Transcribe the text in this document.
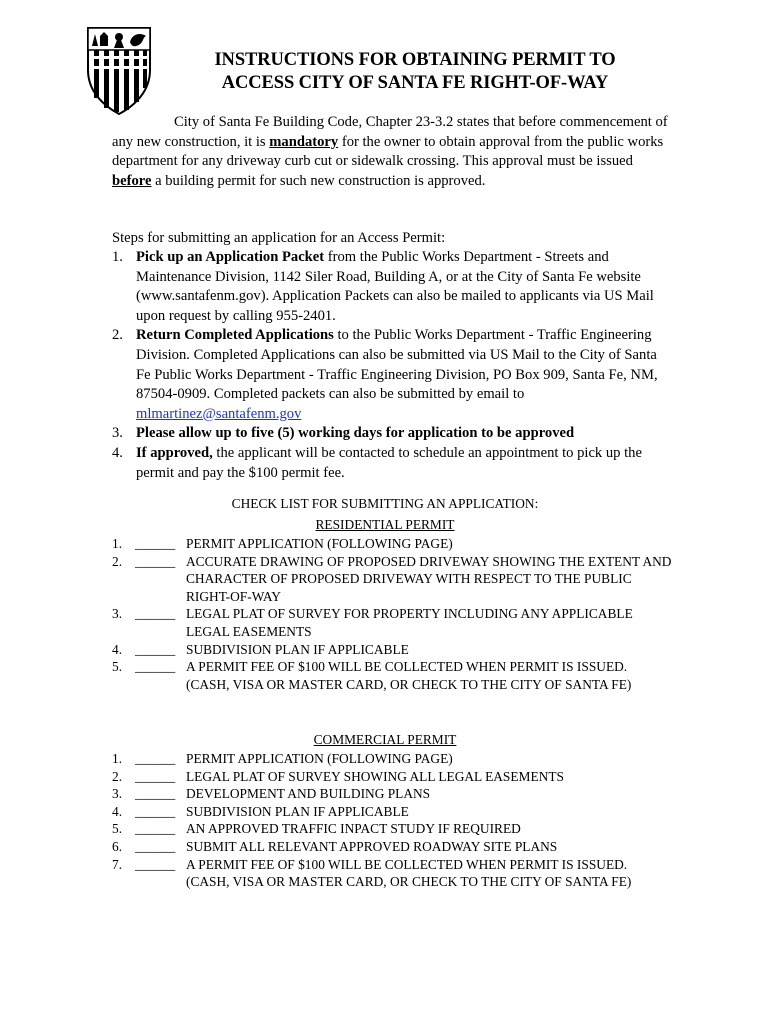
INSTRUCTIONS FOR OBTAINING PERMIT TO
ACCESS CITY OF SANTA FE RIGHT-OF-WAY

City of Santa Fe Building Code, Chapter 23-3.2 states that before commencement of any new construction, it is mandatory for the owner to obtain approval from the public works department for any driveway curb cut or sidewalk crossing. This approval must be issued before a building permit for such new construction is approved.

Steps for submitting an application for an Access Permit:

1. Pick up an Application Packet from the Public Works Department - Streets and Maintenance Division, 1142 Siler Road, Building A, or at the City of Santa Fe website (www.santafenm.gov). Application Packets can also be mailed to applicants via US Mail upon request by calling 955-2401.
2. Return Completed Applications to the Public Works Department - Traffic Engineering Division. Completed Applications can also be submitted via US Mail to the City of Santa Fe Public Works Department - Traffic Engineering Division, PO Box 909, Santa Fe, NM, 87504-0909. Completed packets can also be submitted by email to mlmartinez@santafenm.gov
3. Please allow up to five (5) working days for application to be approved
4. If approved, the applicant will be contacted to schedule an appointment to pick up the permit and pay the $100 permit fee.
CHECK LIST FOR SUBMITTING AN APPLICATION:
RESIDENTIAL PERMIT
1. ______ PERMIT APPLICATION (FOLLOWING PAGE)
2. ______ ACCURATE DRAWING OF PROPOSED DRIVEWAY SHOWING THE EXTENT AND CHARACTER OF PROPOSED DRIVEWAY WITH RESPECT TO THE PUBLIC RIGHT-OF-WAY
3. ______ LEGAL PLAT OF SURVEY FOR PROPERTY INCLUDING ANY APPLICABLE LEGAL EASEMENTS
4. ______ SUBDIVISION PLAN IF APPLICABLE
5. ______ A PERMIT FEE OF $100 WILL BE COLLECTED WHEN PERMIT IS ISSUED. (CASH, VISA OR MASTER CARD, OR CHECK TO THE CITY OF SANTA FE)
COMMERCIAL PERMIT
1. ______ PERMIT APPLICATION (FOLLOWING PAGE)
2. ______ LEGAL PLAT OF SURVEY SHOWING ALL LEGAL EASEMENTS
3. ______ DEVELOPMENT AND BUILDING PLANS
4. ______ SUBDIVISION PLAN IF APPLICABLE
5. ______ AN APPROVED TRAFFIC INPACT STUDY IF REQUIRED
6. ______ SUBMIT ALL RELEVANT APPROVED ROADWAY SITE PLANS
7. ______ A PERMIT FEE OF $100 WILL BE COLLECTED WHEN PERMIT IS ISSUED. (CASH, VISA OR MASTER CARD, OR CHECK TO THE CITY OF SANTA FE)
